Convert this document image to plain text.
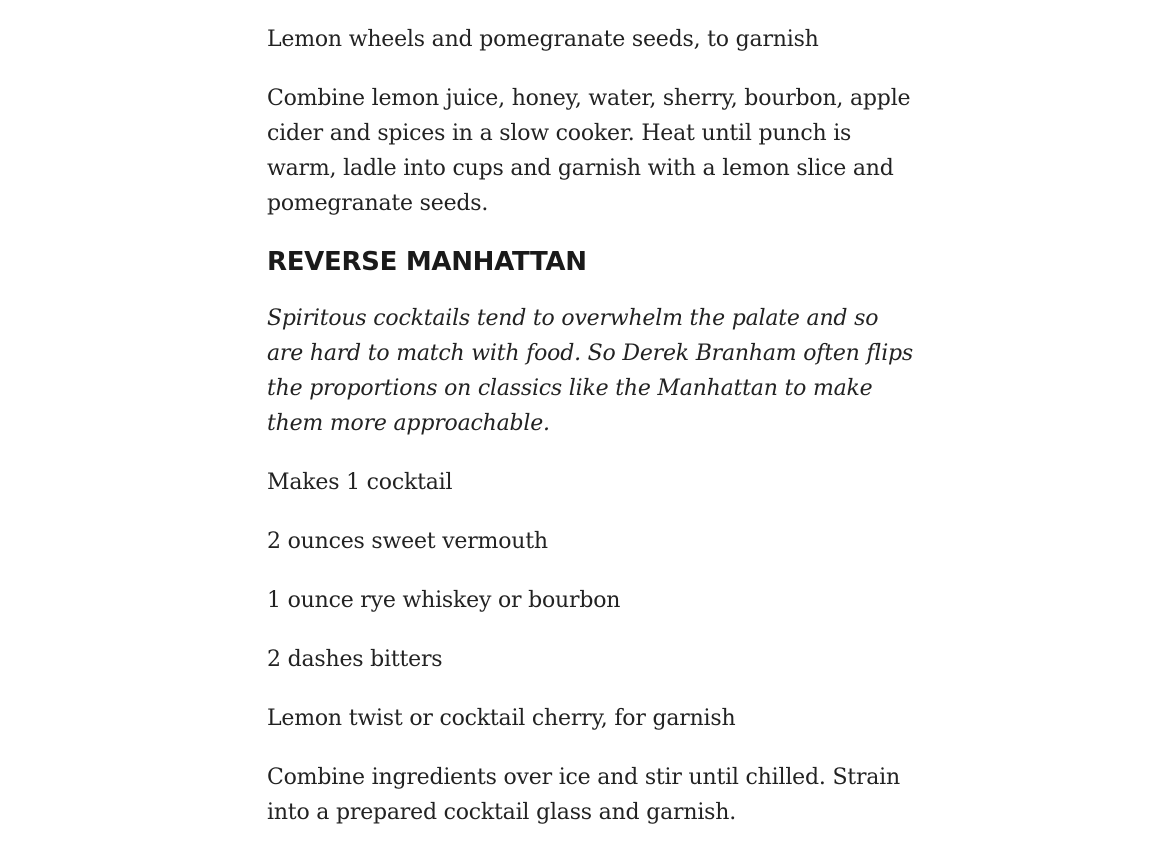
Lemon wheels and pomegranate seeds, to garnish

Combine lemon juice, honey, water, sherry, bourbon, apple cider and spices in a slow cooker. Heat until punch is warm, ladle into cups and garnish with a lemon slice and pomegranate seeds.

REVERSE MANHATTAN

Spiritous cocktails tend to overwhelm the palate and so are hard to match with food. So Derek Branham often flips the proportions on classics like the Manhattan to make them more approachable.

Makes 1 cocktail

2 ounces sweet vermouth

1 ounce rye whiskey or bourbon

2 dashes bitters

Lemon twist or cocktail cherry, for garnish

Combine ingredients over ice and stir until chilled. Strain into a prepared cocktail glass and garnish.
